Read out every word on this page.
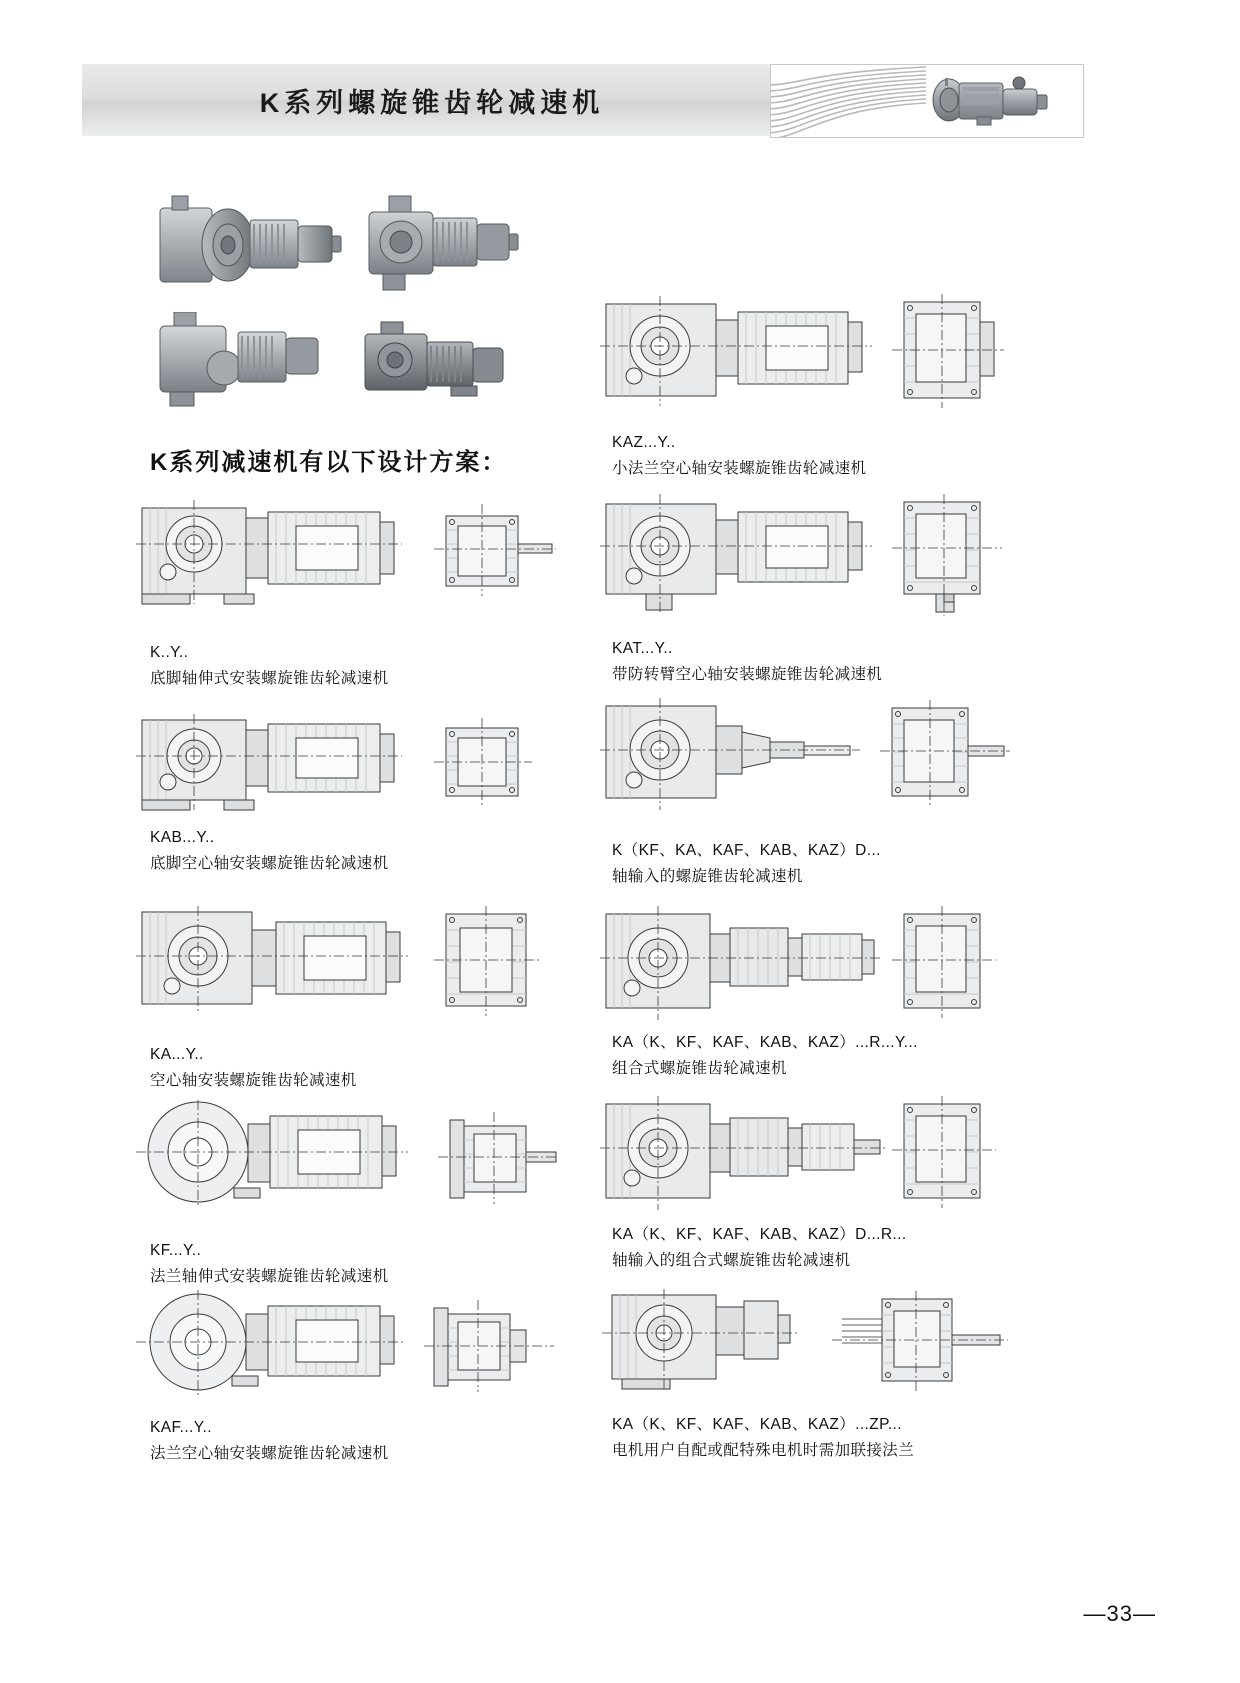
K系列螺旋锥齿轮减速机
K系列减速机有以下设计方案：
K..Y..
底脚轴伸式安装螺旋锥齿轮减速机
KAB...Y..
底脚空心轴安装螺旋锥齿轮减速机
KA...Y..
空心轴安装螺旋锥齿轮减速机
KF...Y..
法兰轴伸式安装螺旋锥齿轮减速机
KAF...Y..
法兰空心轴安装螺旋锥齿轮减速机
KAZ...Y..
小法兰空心轴安装螺旋锥齿轮减速机
KAT...Y..
带防转臂空心轴安装螺旋锥齿轮减速机
K（KF、KA、KAF、KAB、KAZ）D...
轴输入的螺旋锥齿轮减速机
KA（K、KF、KAF、KAB、KAZ）...R...Y...
组合式螺旋锥齿轮减速机
KA（K、KF、KAF、KAB、KAZ）D...R...
轴输入的组合式螺旋锥齿轮减速机
KA（K、KF、KAF、KAB、KAZ）...ZP...
电机用户自配或配特殊电机时需加联接法兰
—33—
